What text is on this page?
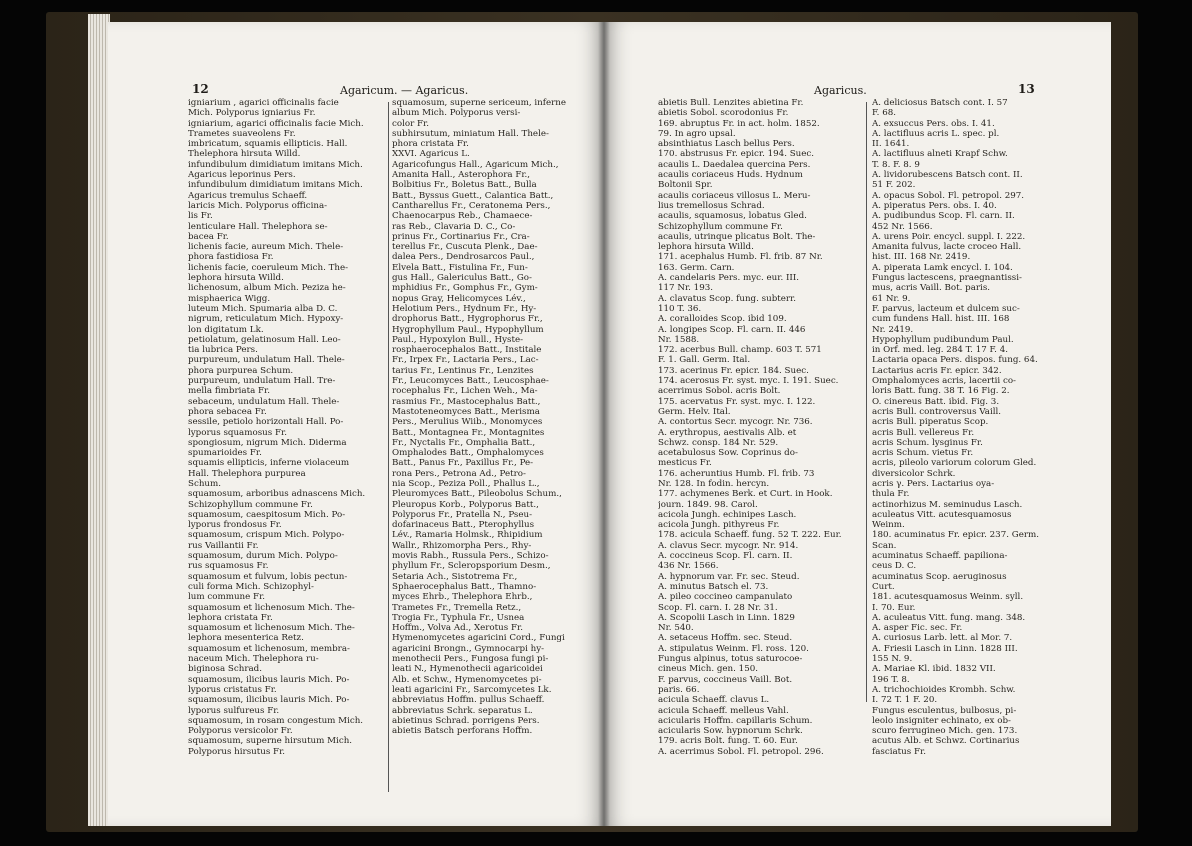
12	Agaricum. — Agaricus.

igniarium , agarici officinalis facie

Mich. Polyporus igniarius Fr.

igniarium, agarici officinalis facie Mich.

Trametes suaveolens Fr.

imbricatum, squamis ellipticis. Hall.

Thelephora hirsuta Willd.

infundibulum dimidiatum imitans Mich.

Agaricus leporinus Pers.

infundibulum dimidiatum imitans Mich.

Agaricus tremulus Schaeff.

laricis Mich. Polyporus officina-

lis Fr.

lenticulare Hall. Thelephora se-

bacea Fr.

lichenis facie, aureum Mich. Thele-

phora fastidiosa Fr.

lichenis facie, coeruleum Mich. The-

lephora hirsuta Willd.

lichenosum, album Mich. Peziza he-

misphaerica Wigg.

luteum Mich. Spumaria alba D. C.

nigrum, reticulatum Mich. Hypoxy-

lon digitatum Lk.

petiolatum, gelatinosum Hall. Leo-

tia lubrica Pers.

purpureum, undulatum Hall. Thele-

phora purpurea Schum.

purpureum, undulatum Hall. Tre-

mella fimbriata Fr.

sebaceum, undulatum Hall. Thele-

phora sebacea Fr.

sessile, petiolo horizontali Hall. Po-

lyporus squamosus Fr.

spongiosum, nigrum Mich. Diderma

spumarioides Fr.

squamis ellipticis, inferne violaceum

Hall. Thelephora purpurea

Schum.

squamosum, arboribus adnascens Mich.

Schizophyllum commune Fr.

squamosum, caespitosum Mich. Po-

lyporus frondosus Fr.

squamosum, crispum Mich. Polypo-

rus Vaillantii Fr.

squamosum, durum Mich. Polypo-

rus squamosus Fr.

squamosum et fulvum, lobis pectun-

culi forma Mich. Schizophyl-

lum commune Fr.

squamosum et lichenosum Mich. The-

lephora cristata Fr.

squamosum et lichenosum Mich. The-

lephora mesenterica Retz.

squamosum et lichenosum, membra-

naceum Mich. Thelephora ru-

biginosa Schrad.

squamosum, ilicibus lauris Mich. Po-

lyporus cristatus Fr.

squamosum, ilicibus lauris Mich. Po-

lyporus sulfureus Fr.

squamosum, in rosam congestum Mich.

Polyporus versicolor Fr.

squamosum, superne hirsutum Mich.

Polyporus hirsutus Fr.

squamosum, superne sericeum, inferne

album Mich. Polyporus versi-

color Fr.

subhirsutum, miniatum Hall. Thele-

phora cristata Fr.

XXVI. Agaricus L.

Agaricofungus Hall., Agaricum Mich.,

Amanita Hall., Asterophora Fr.,

Bolbitius Fr., Boletus Batt., Bulla

Batt., Byssus Guett., Calantica Batt.,

Cantharellus Fr., Ceratonema Pers.,

Chaenocarpus Reb., Chamaece-

ras Reb., Clavaria D. C., Co-

prinus Fr., Cortinarius Fr., Cra-

terellus Fr., Cuscuta Plenk., Dae-

dalea Pers., Dendrosarcos Paul.,

Elvela Batt., Fistulina Fr., Fun-

gus Hall., Galericulus Batt., Go-

mphidius Fr., Gomphus Fr., Gym-

nopus Gray, Helicomyces Lév.,

Helotium Pers., Hydnum Fr., Hy-

drophorus Batt., Hygrophorus Fr.,

Hygrophyllum Paul., Hypophyllum

Paul., Hypoxylon Bull., Hyste-

rosphaerocephalos Batt., Institale

Fr., Irpex Fr., Lactaria Pers., Lac-

tarius Fr., Lentinus Fr., Lenzites

Fr., Leucomyces Batt., Leucosphae-

rocephalus Fr., Lichen Weh., Ma-

rasmius Fr., Mastocephalus Batt.,

Mastoteneomyces Batt., Merisma

Pers., Merulius Wiib., Monomyces

Batt., Montagnea Fr., Montagnites

Fr., Nyctalis Fr., Omphalia Batt.,

Omphalodes Batt., Omphalomyces

Batt., Panus Fr., Paxillus Fr., Pe-

rona Pers., Petrona Ad., Petro-

nia Scop., Peziza Poll., Phallus L.,

Pleuromyces Batt., Pileobolus Schum.,

Pleuropus Korb., Polyporus Batt.,

Polyporus Fr., Pratella N., Pseu-

dofarinaceus Batt., Pterophyllus

Lév., Ramaria Holmsk., Rhipidium

Wallr., Rhizomorpha Pers., Rhy-

movis Rabh., Russula Pers., Schizo-

phyllum Fr., Scleropsporium Desm.,

Setaria Ach., Sistotrema Fr.,

Sphaerocephalus Batt., Thamno-

myces Ehrb., Thelephora Ehrb.,

Trametes Fr., Tremella Retz.,

Trogia Fr., Typhula Fr., Usnea

Hoffm., Volva Ad., Xerotus Fr.

Hymenomycetes agaricini Cord., Fungi

agaricini Brongn., Gymnocarpi hy-

menothecii Pers., Fungosa fungi pi-

leati N., Hymenothecii agaricoidei

Alb. et Schw., Hymenomycetes pi-

leati agaricini Fr., Sarcomycetes Lk.

abbreviatus Hoffm. pullus Schaeff.

abbreviatus Schrk. separatus L.

abietinus Schrad. porrigens Pers.

abietis Batsch perforans Hoffm.

Agaricus.	13

abietis Bull. Lenzites abietina Fr.

abietis Sobol. scorodonius Fr.

169. abruptus Fr. in act. holm. 1852.

79. In agro upsal.

absinthiatus Lasch bellus Pers.

170. abstrusus Fr. epicr. 194. Suec.

acaulis L. Daedalea quercina Pers.

acaulis coriaceus Huds. Hydnum

Boltonii Spr.

acaulis coriaceus villosus L. Meru-

lius tremellosus Schrad.

acaulis, squamosus, lobatus Gled.

Schizophyllum commune Fr.

acaulis, utrinque plicatus Bolt. The-

lephora hirsuta Willd.

171. acephalus Humb. Fl. frib. 87 Nr.

163. Germ. Carn.

A. candelaris Pers. myc. eur. III.

117 Nr. 193.

A. clavatus Scop. fung. subterr.

110 T. 36.

A. coralloides Scop. ibid 109.

A. longipes Scop. Fl. carn. II. 446

Nr. 1588.

172. acerbus Bull. champ. 603 T. 571

F. 1. Gall. Germ. Ital.

173. acerinus Fr. epicr. 184. Suec.

174. acerosus Fr. syst. myc. I. 191. Suec.

acerrimus Sobol. acris Bolt.

175. acervatus Fr. syst. myc. I. 122.

Germ. Helv. Ital.

A. contortus Secr. mycogr. Nr. 736.

A. erythropus, aestivalis Alb. et

Schwz. consp. 184 Nr. 529.

acetabulosus Sow. Coprinus do-

mesticus Fr.

176. acheruntius Humb. Fl. frib. 73

Nr. 128. In fodin. hercyn.

177. achymenes Berk. et Curt. in Hook.

journ. 1849. 98. Carol.

acicola Jungh. echinipes Lasch.

acicola Jungh. pithyreus Fr.

178. acicula Schaeff. fung. 52 T. 222. Eur.

A. clavus Secr. mycogr. Nr. 914.

A. coccineus Scop. Fl. carn. II.

436 Nr. 1566.

A. hypnorum var. Fr. sec. Steud.

A. minutus Batsch el. 73.

A. pileo coccineo campanulato

Scop. Fl. carn. I. 28 Nr. 31.

A. Scopolii Lasch in Linn. 1829

Nr. 540.

A. setaceus Hoffm. sec. Steud.

A. stipulatus Weinm. Fl. ross. 120.

Fungus alpinus, totus saturocoe-

cineus Mich. gen. 150.

F. parvus, coccineus Vaill. Bot.

paris. 66.

acicula Schaeff. clavus L.

acicula Schaeff. melleus Vahl.

acicularis Hoffm. capillaris Schum.

acicularis Sow. hypnorum Schrk.

179. acris Bolt. fung. T. 60. Eur.

A. acerrimus Sobol. Fl. petropol. 296.

A. deliciosus Batsch cont. I. 57

F. 68.

A. exsuccus Pers. obs. I. 41.

A. lactifluus acris L. spec. pl.

II. 1641.

A. lactifluus alneti Krapf Schw.

T. 8. F. 8. 9

A. lividorubescens Batsch cont. II.

51 F. 202.

A. opacus Sobol. Fl. petropol. 297.

A. piperatus Pers. obs. I. 40.

A. pudibundus Scop. Fl. carn. II.

452 Nr. 1566.

A. urens Poir. encycl. suppl. I. 222.

Amanita fulvus, lacte croceo Hall.

hist. III. 168 Nr. 2419.

A. piperata Lamk encycl. I. 104.

Fungus lactescens, praegnantissi-

mus, acris Vaill. Bot. paris.

61 Nr. 9.

F. parvus, lacteum et dulcem suc-

cum fundens Hall. hist. III. 168

Nr. 2419.

Hypophyllum pudibundum Paul.

in Orf. med. leg. 284 T. 17 F. 4.

Lactaria opaca Pers. dispos. fung. 64.

Lactarius acris Fr. epicr. 342.

Omphalomyces acris, lacertii co-

loris Batt. fung. 38 T. 16 Fig. 2.

O. cinereus Batt. ibid. Fig. 3.

acris Bull. controversus Vaill.

acris Bull. piperatus Scop.

acris Bull. vellereus Fr.

acris Schum. lysginus Fr.

acris Schum. vietus Fr.

acris, pileolo variorum colorum Gled.

diversicolor Schrk.

acris γ. Pers. Lactarius oya-

thula Fr.

actinorhizus M. seminudus Lasch.

aculeatus Vitt. acutesquamosus

Weinm.

180. acuminatus Fr. epicr. 237. Germ.

Scan.

acuminatus Schaeff. papiliona-

ceus D. C.

acuminatus Scop. aeruginosus

Curt.

181. acutesquamosus Weinm. syll.

I. 70. Eur.

A. aculeatus Vitt. fung. mang. 348.

A. asper Fic. sec. Fr.

A. curiosus Larb. lett. al Mor. 7.

A. Friesii Lasch in Linn. 1828 III.

155 N. 9.

A. Mariae Kl. ibid. 1832 VII.

196 T. 8.

A. trichochioides Krombh. Schw.

I. 72 T. 1 F. 20.

Fungus esculentus, bulbosus, pi-

leolo insigniter echinato, ex ob-

scuro ferrugineo Mich. gen. 173.

acutus Alb. et Schwz. Cortinarius

fasciatus Fr.
